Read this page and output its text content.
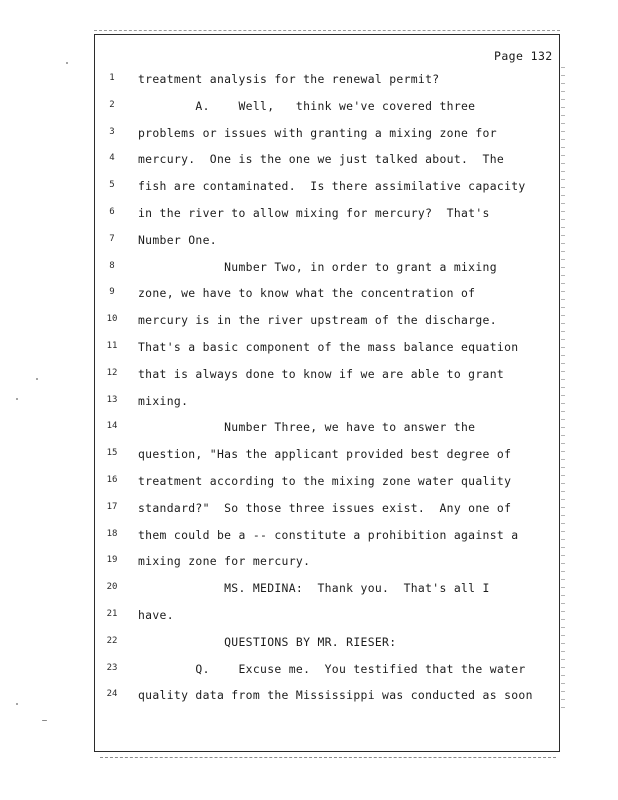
Page 132
1	treatment analysis for the renewal permit?
2	A.    Well,   think we've covered three
3	problems or issues with granting a mixing zone for
4	mercury.  One is the one we just talked about.  The
5	fish are contaminated.  Is there assimilative capacity
6	in the river to allow mixing for mercury?  That's
7	Number One.
8	Number Two, in order to grant a mixing
9	zone, we have to know what the concentration of
10	mercury is in the river upstream of the discharge.
11	That's a basic component of the mass balance equation
12	that is always done to know if we are able to grant
13	mixing.
14	Number Three, we have to answer the
15	question, "Has the applicant provided best degree of
16	treatment according to the mixing zone water quality
17	standard?"  So those three issues exist.  Any one of
18	them could be a -- constitute a prohibition against a
19	mixing zone for mercury.
20	MS. MEDINA:  Thank you.  That's all I
21	have.
22	QUESTIONS BY MR. RIESER:
23	Q.    Excuse me.  You testified that the water
24	quality data from the Mississippi was conducted as soon
